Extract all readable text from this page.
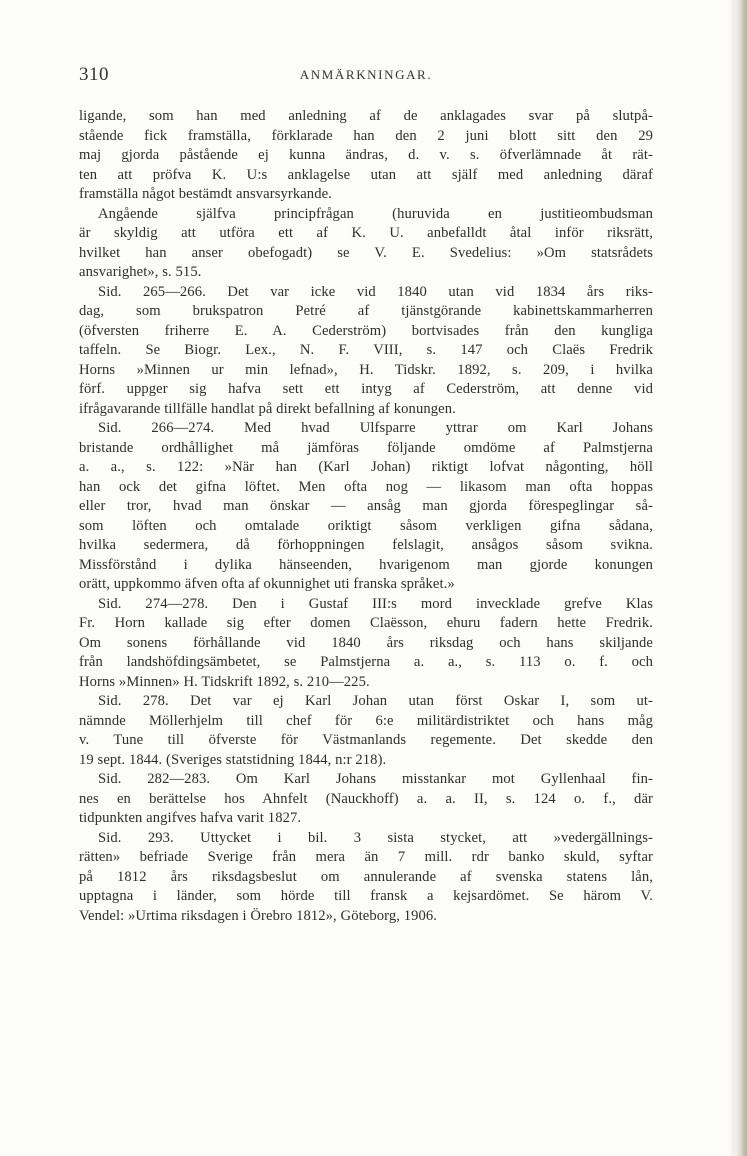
310	ANMÄRKNINGAR.
ligande, som han med anledning af de anklagades svar på slutpå-
stående fick framställa, förklarade han den 2 juni blott sitt den 29
maj gjorda påstående ej kunna ändras, d. v. s. öfverlämnade åt rät-
ten att pröfva K. U:s anklagelse utan att själf med anledning däraf
framställa något bestämdt ansvarsyrkande.
Angående själfva principfrågan (huruvida en justitieombudsman
är skyldig att utföra ett af K. U. anbefalldt åtal inför riksrätt,
hvilket han anser obefogadt) se V. E. Svedelius: »Om statsrådets
ansvarighet», s. 515.
Sid. 265—266. Det var icke vid 1840 utan vid 1834 års riks-
dag, som brukspatron Petré af tjänstgörande kabinettskammarherren
(öfversten friherre E. A. Cederström) bortvisades från den kungliga
taffeln. Se Biogr. Lex., N. F. VIII, s. 147 och Claës Fredrik
Horns »Minnen ur min lefnad», H. Tidskr. 1892, s. 209, i hvilka
förf. uppger sig hafva sett ett intyg af Cederström, att denne vid
ifrågavarande tillfälle handlat på direkt befallning af konungen.
Sid. 266—274. Med hvad Ulfsparre yttrar om Karl Johans
bristande ordhållighet må jämföras följande omdöme af Palmstjerna
a. a., s. 122: »När han (Karl Johan) riktigt lofvat någonting, höll
han ock det gifna löftet. Men ofta nog — likasom man ofta hoppas
eller tror, hvad man önskar — ansåg man gjorda förespeglingar så-
som löften och omtalade oriktigt såsom verkligen gifna sådana,
hvilka sedermera, då förhoppningen felslagit, ansågos såsom svikna.
Missförstånd i dylika hänseenden, hvarigenom man gjorde konungen
orätt, uppkommo äfven ofta af okunnighet uti franska språket.»
Sid. 274—278. Den i Gustaf III:s mord invecklade grefve Klas
Fr. Horn kallade sig efter domen Claësson, ehuru fadern hette Fredrik.
Om sonens förhållande vid 1840 års riksdag och hans skiljande
från landshöfdingsämbetet, se Palmstjerna a. a., s. 113 o. f. och
Horns »Minnen» H. Tidskrift 1892, s. 210—225.
Sid. 278. Det var ej Karl Johan utan först Oskar I, som ut-
nämnde Möllerhjelm till chef för 6:e militärdistriktet och hans måg
v. Tune till öfverste för Västmanlands regemente. Det skedde den
19 sept. 1844. (Sveriges statstidning 1844, n:r 218).
Sid. 282—283. Om Karl Johans misstankar mot Gyllenhaal fin-
nes en berättelse hos Ahnfelt (Nauckhoff) a. a. II, s. 124 o. f., där
tidpunkten angifves hafva varit 1827.
Sid. 293. Uttycket i bil. 3 sista stycket, att »vedergällnings-
rätten» befriade Sverige från mera än 7 mill. rdr banko skuld, syftar
på 1812 års riksdagsbeslut om annulerande af svenska statens lån,
upptagna i länder, som hörde till fransk a kejsardömet. Se härom V.
Vendel: »Urtima riksdagen i Örebro 1812», Göteborg, 1906.
